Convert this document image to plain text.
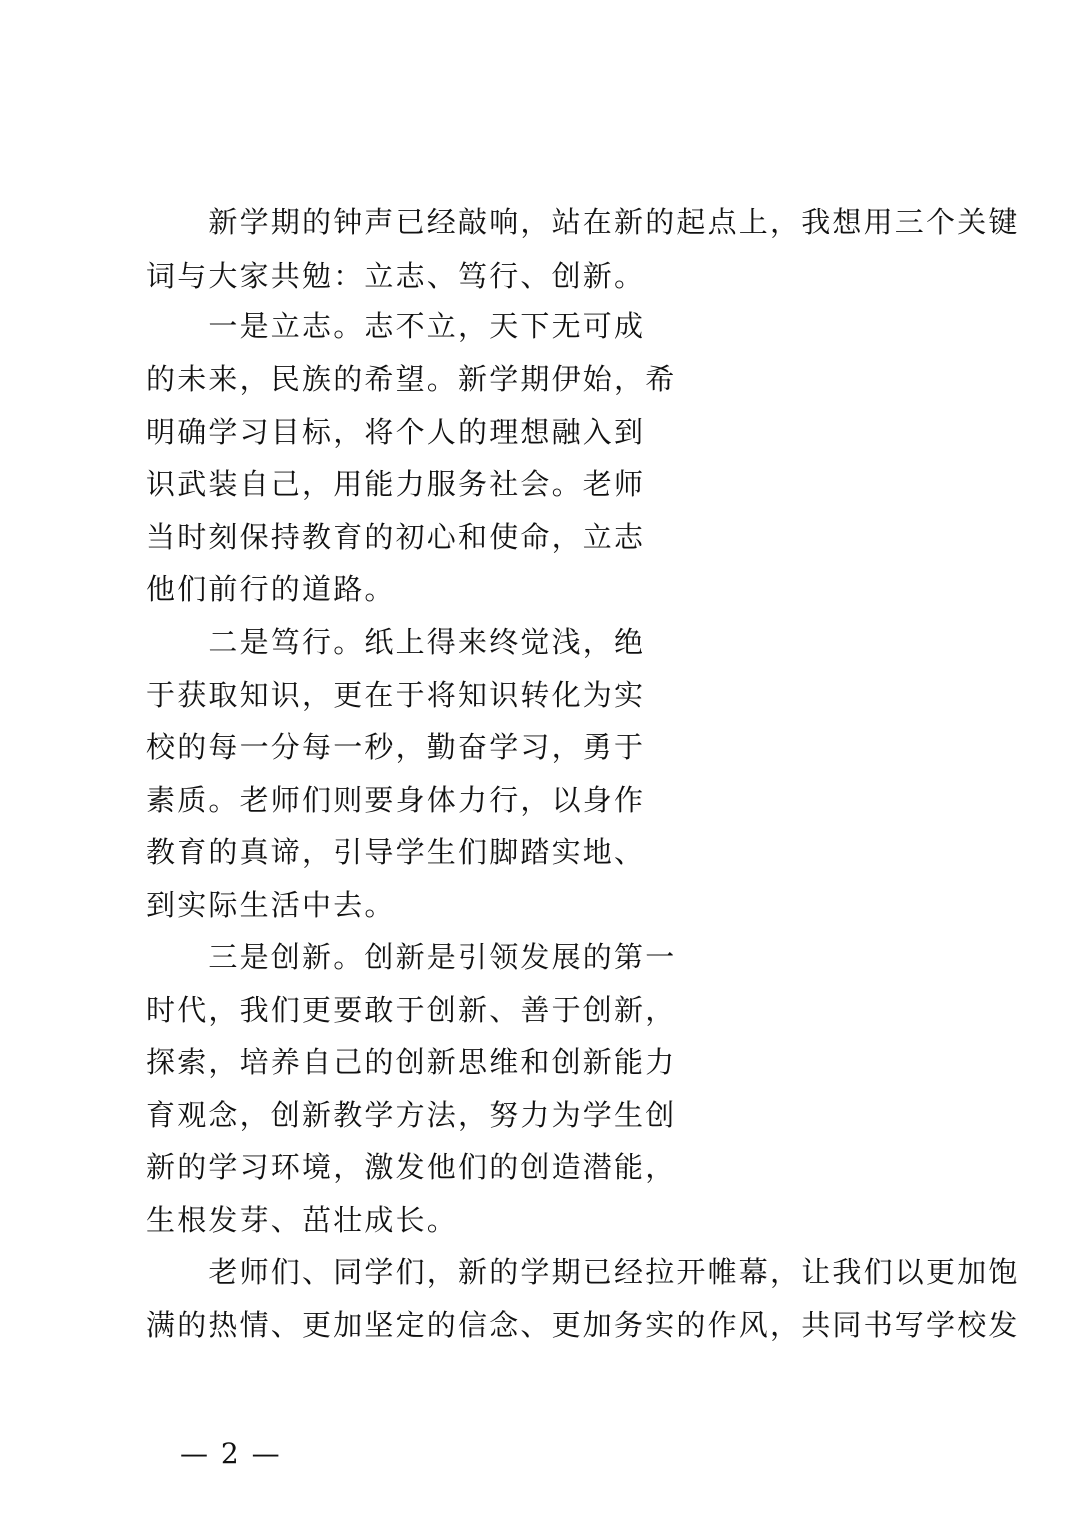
　　新学期的钟声已经敲响，站在新的起点上，我想用三个关键
词与大家共勉：立志、笃行、创新。
　　一是立志。志不立，天下无可成
的未来，民族的希望。新学期伊始，希
明确学习目标，将个人的理想融入到
识武装自己，用能力服务社会。老师
当时刻保持教育的初心和使命，立志
他们前行的道路。
　　二是笃行。纸上得来终觉浅，绝
于获取知识，更在于将知识转化为实
校的每一分每一秒，勤奋学习，勇于
素质。老师们则要身体力行，以身作
教育的真谛，引导学生们脚踏实地、
到实际生活中去。
　　三是创新。创新是引领发展的第一
时代，我们更要敢于创新、善于创新，
探索，培养自己的创新思维和创新能力
育观念，创新教学方法，努力为学生创
新的学习环境，激发他们的创造潜能，
生根发芽、茁壮成长。
　　老师们、同学们，新的学期已经拉开帷幕，让我们以更加饱
满的热情、更加坚定的信念、更加务实的作风，共同书写学校发
— 2 —
